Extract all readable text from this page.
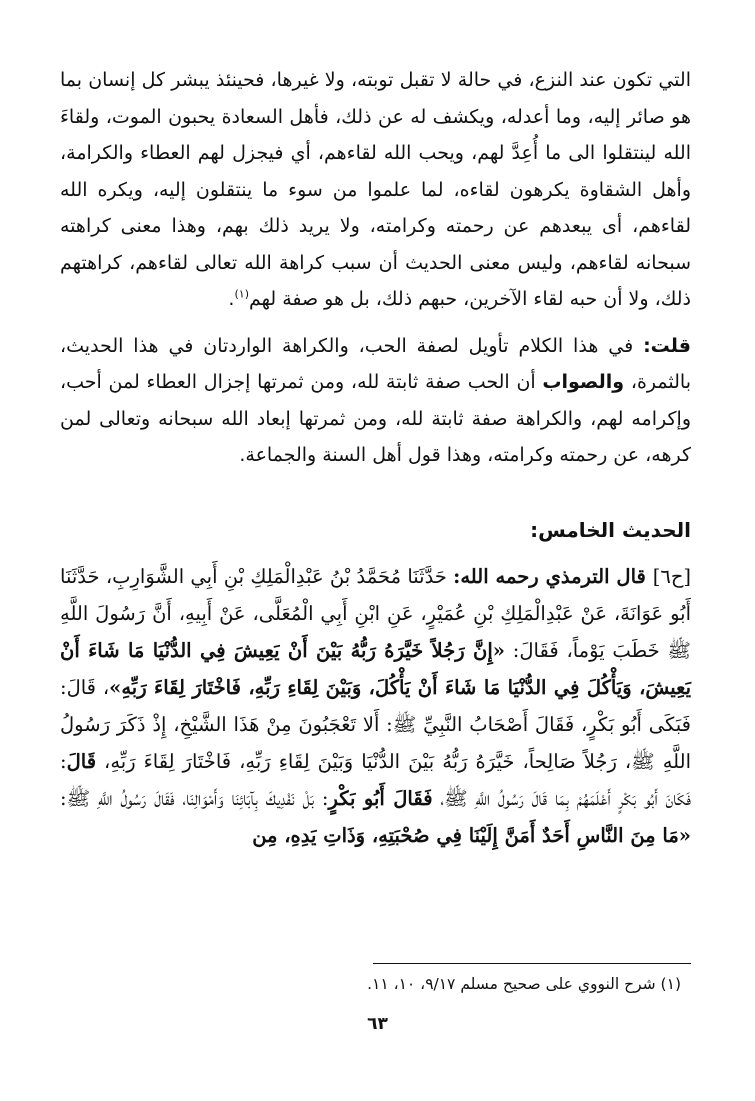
التي تكون عند النزع، في حالة لا تقبل توبته، ولا غيرها، فحينئذ يبشر كل إنسان بما هو صائر إليه، وما أعدله، ويكشف له عن ذلك، فأهل السعادة يحبون الموت، ولقاءَ الله لينتقلوا الى ما أُعِدَّ لهم، ويحب الله لقاءهم، أي فيجزل لهم العطاء والكرامة، وأهل الشقاوة يكرهون لقاءه، لما علموا من سوء ما ينتقلون إليه، ويكره الله لقاءهم، أى يبعدهم عن رحمته وكرامته، ولا يريد ذلك بهم، وهذا معنى كراهته سبحانه لقاءهم، وليس معنى الحديث أن سبب كراهة الله تعالى لقاءهم، كراهتهم ذلك، ولا أن حبه لقاء الآخرين، حبهم ذلك، بل هو صفة لهم$^{(١)}$.

قلت: في هذا الكلام تأويل لصفة الحب، والكراهة الواردتان في هذا الحديث، بالثمرة، والصواب أن الحب صفة ثابتة لله، ومن ثمرتها إجزال العطاء لمن أحب، وإكرامه لهم، والكراهة صفة ثابتة لله، ومن ثمرتها إبعاد الله سبحانه وتعالى لمن كرهه، عن رحمته وكرامته، وهذا قول أهل السنة والجماعة.

الحديث الخامس:

[ح٦] قال الترمذي رحمه الله: حَدَّثَنَا مُحَمَّدُ بْنُ عَبْدِالْمَلِكِ بْنِ أَبِي الشَّوَارِبِ، حَدَّثَنَا أَبُو عَوَانَةَ، عَنْ عَبْدِالْمَلِكِ بْنِ عُمَيْرٍ، عَنِ ابْنِ أَبِي الْمُعَلَّى، عَنْ أَبِيهِ، أَنَّ رَسُولَ اللَّهِ ﷺ خَطَبَ يَوْماً، فَقَالَ: «إِنَّ رَجُلاً خَيَّرَهُ رَبُّهُ بَيْنَ أَنْ يَعِيشَ فِي الدُّنْيَا مَا شَاءَ أَنْ يَعِيشَ، وَيَأْكُلَ فِي الدُّنْيَا مَا شَاءَ أَنْ يَأْكُلَ، وَبَيْنَ لِقَاءِ رَبِّهِ، فَاخْتَارَ لِقَاءَ رَبِّهِ»، قَالَ: فَبَكَى أَبُو بَكْرٍ، فَقَالَ أَصْحَابُ النَّبِيِّ ﷺ: أَلا تَعْجَبُونَ مِنْ هَذَا الشَّيْخِ، إِذْ ذَكَرَ رَسُولُ اللَّهِ ﷺ، رَجُلاً صَالِحاً، خَيَّرَهُ رَبُّهُ بَيْنَ الدُّنْيَا وَبَيْنَ لِقَاءِ رَبِّهِ، فَاخْتَارَ لِقَاءَ رَبِّهِ، قَالَ: فَكَانَ أَبُو بَكْرٍ أَعْلَمَهُمْ بِمَا قَالَ رَسُولُ اللَّهِ ﷺ، فَقَالَ أَبُو بَكْرٍ: بَلْ نَفْدِيكَ بِآبَائِنَا وَأَمْوَالِنَا، فَقَالَ رَسُولُ اللَّهِ ﷺ: «مَا مِنَ النَّاسِ أَحَدٌ أَمَنَّ إِلَيْنَا فِي صُحْبَتِهِ، وَذَاتِ يَدِهِ، مِن

(١) شرح النووي على صحيح مسلم ٩/١٧، ١٠، ١١.
٦٣
